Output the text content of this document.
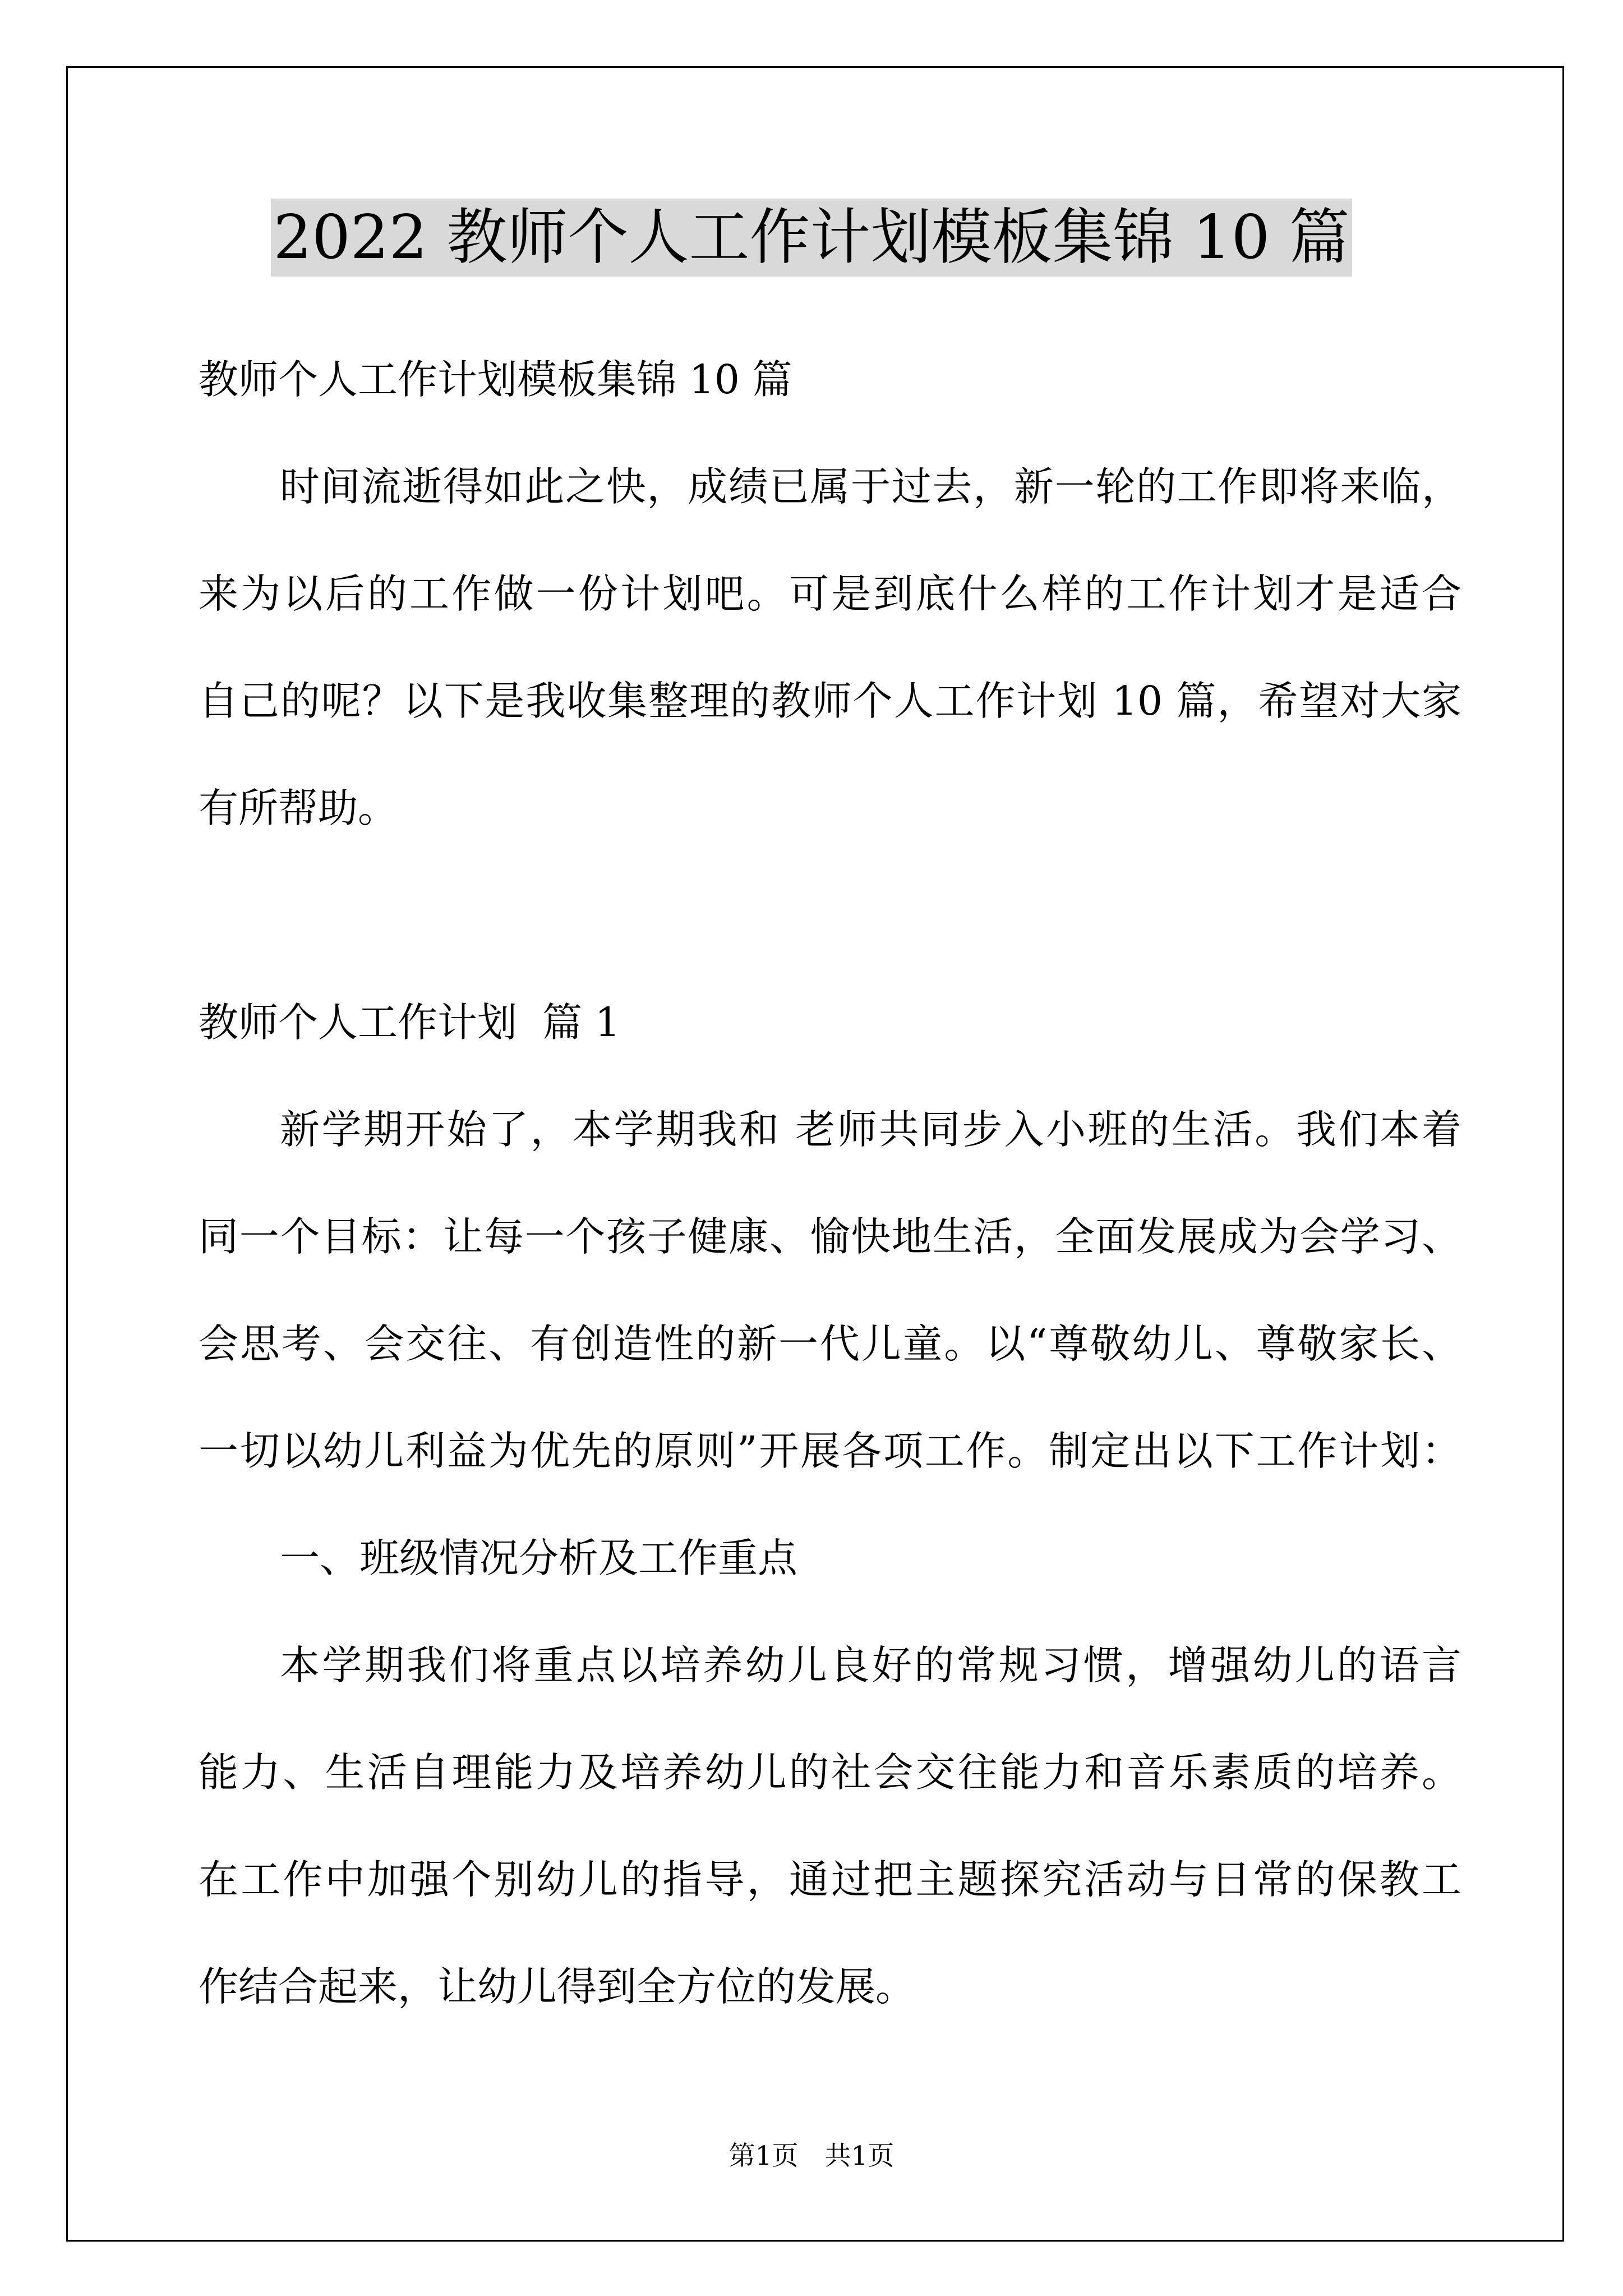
2022 教师个人工作计划模板集锦 10 篇
教师个人工作计划模板集锦 10 篇
时间流逝得如此之快，成绩已属于过去，新一轮的工作即将来临，
来为以后的工作做一份计划吧。可是到底什么样的工作计划才是适合
自己的呢？以下是我收集整理的教师个人工作计划 10 篇，希望对大家
有所帮助。
教师个人工作计划  篇 1
新学期开始了，本学期我和 老师共同步入小班的生活。我们本着
同一个目标：让每一个孩子健康、愉快地生活，全面发展成为会学习、
会思考、会交往、有创造性的新一代儿童。以“尊敬幼儿、尊敬家长、
一切以幼儿利益为优先的原则”开展各项工作。制定出以下工作计划：
一、班级情况分析及工作重点
本学期我们将重点以培养幼儿良好的常规习惯，增强幼儿的语言
能力、生活自理能力及培养幼儿的社会交往能力和音乐素质的培养。
在工作中加强个别幼儿的指导，通过把主题探究活动与日常的保教工
作结合起来，让幼儿得到全方位的发展。
第1页　共1页
